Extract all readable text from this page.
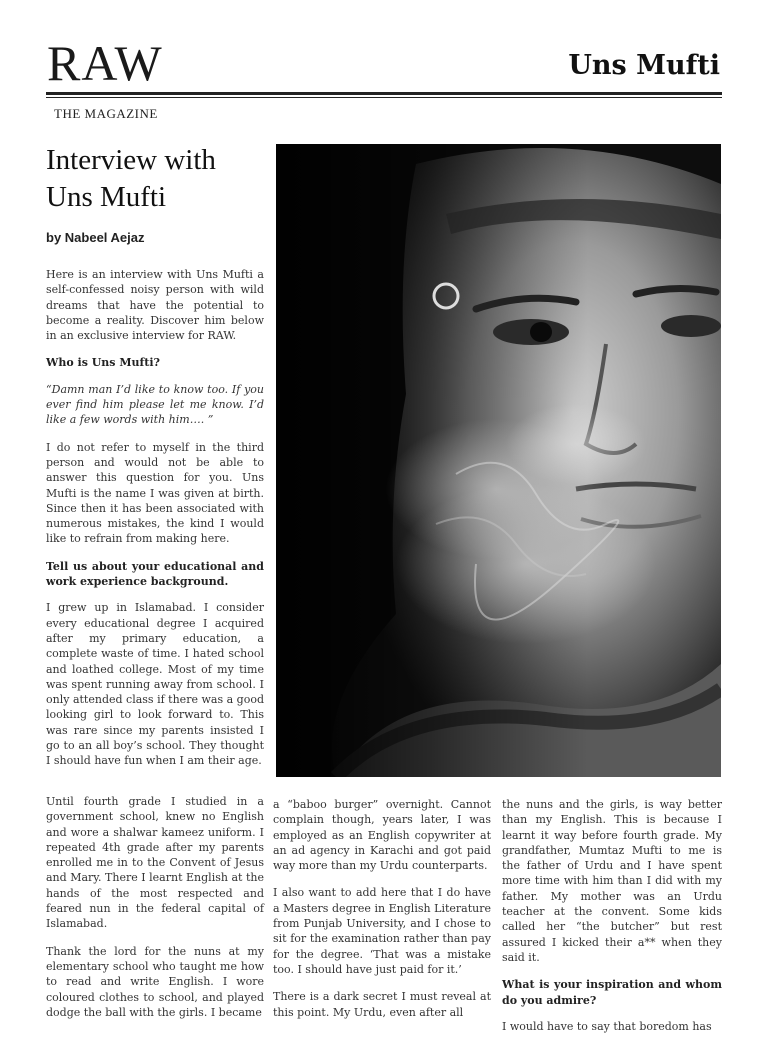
RAW	Uns Mufti
THE MAGAZINE
Interview with Uns Mufti
by Nabeel Aejaz

Here is an interview with Uns Mufti a self-confessed noisy person with wild dreams that have the potential to become a reality. Discover him below in an exclusive interview for RAW.

Who is Uns Mufti?

“Damn man I’d like to know too. If you ever find him please let me know. I’d like a few words with him…. ”

I do not refer to myself in the third person and would not be able to answer this question for you. Uns Mufti is the name I was given at birth. Since then it has been associated with numerous mistakes, the kind I would like to refrain from making here.

Tell us about your educational and work experience background.

I grew up in Islamabad. I consider every educational degree I acquired after my primary education, a complete waste of time. I hated school and loathed college. Most of my time was spent running away from school. I only attended class if there was a good looking girl to look forward to. This was rare since my parents insisted I go to an all boy’s school. They thought I should have fun when I am their age.

Until fourth grade I studied in a government school, knew no English and wore a shalwar kameez uniform. I repeated 4th grade after my parents enrolled me in to the Convent of Jesus and Mary. There I learnt English at the hands of the most respected and feared nun in the federal capital of Islamabad.

Thank the lord for the nuns at my elementary school who taught me how to read and write English. I wore coloured clothes to school, and played dodge the ball with the girls. I became

a “baboo burger” overnight. Cannot complain though, years later, I was employed as an English copywriter at an ad agency in Karachi and got paid way more than my Urdu counterparts.

I also want to add here that I do have a Masters degree in English Literature from Punjab University, and I chose to sit for the examination rather than pay for the degree. ‘That was a mistake too. I should have just paid for it.’

There is a dark secret I must reveal at this point. My Urdu, even after all

the nuns and the girls, is way better than my English. This is because I learnt it way before fourth grade. My grandfather, Mumtaz Mufti to me is the father of Urdu and I have spent more time with him than I did with my father. My mother was an Urdu teacher at the convent. Some kids called her “the butcher” but rest assured I kicked their a** when they said it.

What is your inspiration and whom do you admire?

I would have to say that boredom has
